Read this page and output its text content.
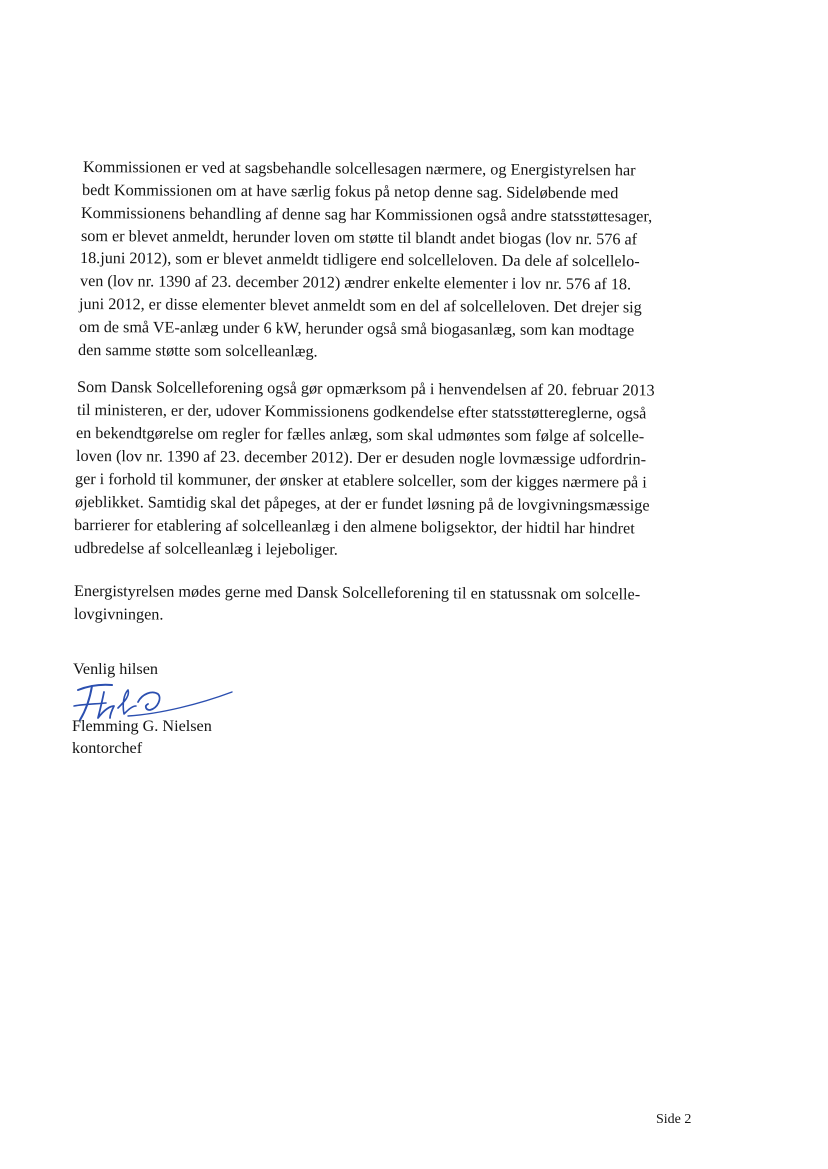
Kommissionen er ved at sagsbehandle solcellesagen nærmere, og Energistyrelsen har
bedt Kommissionen om at have særlig fokus på netop denne sag. Sideløbende med
Kommissionens behandling af denne sag har Kommissionen også andre statsstøttesager,
som er blevet anmeldt, herunder loven om støtte til blandt andet biogas (lov nr. 576 af
18.juni 2012), som er blevet anmeldt tidligere end solcelleloven. Da dele af solcellelo-
ven (lov nr. 1390 af 23. december 2012) ændrer enkelte elementer i lov nr. 576 af 18.
juni 2012, er disse elementer blevet anmeldt som en del af solcelleloven. Det drejer sig
om de små VE-anlæg under 6 kW, herunder også små biogasanlæg, som kan modtage
den samme støtte som solcelleanlæg.
Som Dansk Solcelleforening også gør opmærksom på i henvendelsen af 20. februar 2013
til ministeren, er der, udover Kommissionens godkendelse efter statsstøttereglerne, også
en bekendtgørelse om regler for fælles anlæg, som skal udmøntes som følge af solcelle-
loven (lov nr. 1390 af 23. december 2012). Der er desuden nogle lovmæssige udfordrin-
ger i forhold til kommuner, der ønsker at etablere solceller, som der kigges nærmere på i
øjeblikket. Samtidig skal det påpeges, at der er fundet løsning på de lovgivningsmæssige
barrierer for etablering af solcelleanlæg i den almene boligsektor, der hidtil har hindret
udbredelse af solcelleanlæg i lejeboliger.
Energistyrelsen mødes gerne med Dansk Solcelleforening til en statussnak om solcelle-
lovgivningen.
Venlig hilsen
Flemming G. Nielsen
kontorchef
Side 2
